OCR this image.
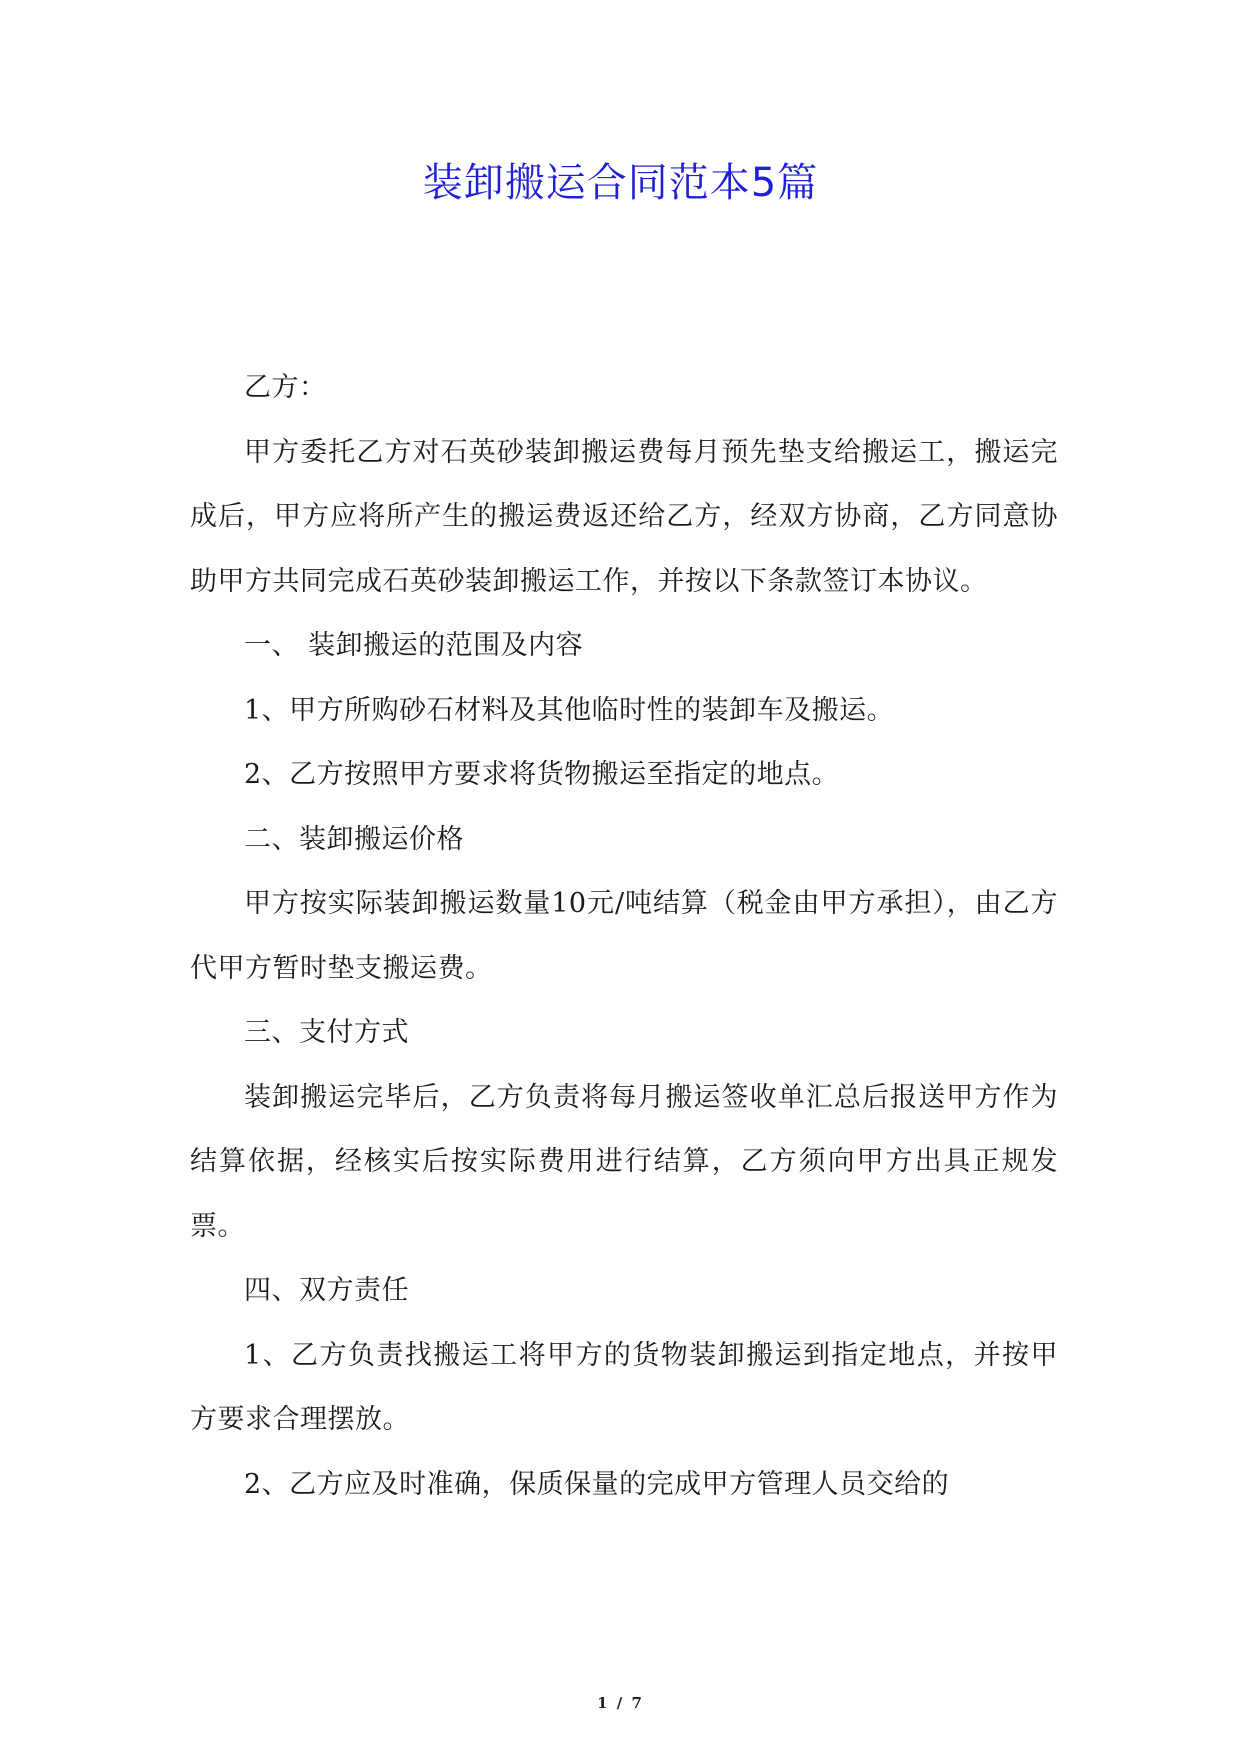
装卸搬运合同范本5篇

乙方：

甲方委托乙方对石英砂装卸搬运费每月预先垫支给搬运工，搬运完成后，甲方应将所产生的搬运费返还给乙方，经双方协商，乙方同意协助甲方共同完成石英砂装卸搬运工作，并按以下条款签订本协议。

一、 装卸搬运的范围及内容

1、甲方所购砂石材料及其他临时性的装卸车及搬运。

2、乙方按照甲方要求将货物搬运至指定的地点。

二、装卸搬运价格

甲方按实际装卸搬运数量10元/吨结算（税金由甲方承担），由乙方代甲方暂时垫支搬运费。

三、支付方式

装卸搬运完毕后，乙方负责将每月搬运签收单汇总后报送甲方作为结算依据，经核实后按实际费用进行结算，乙方须向甲方出具正规发票。

四、双方责任

1、乙方负责找搬运工将甲方的货物装卸搬运到指定地点，并按甲方要求合理摆放。

2、乙方应及时准确，保质保量的完成甲方管理人员交给的

1 / 7
